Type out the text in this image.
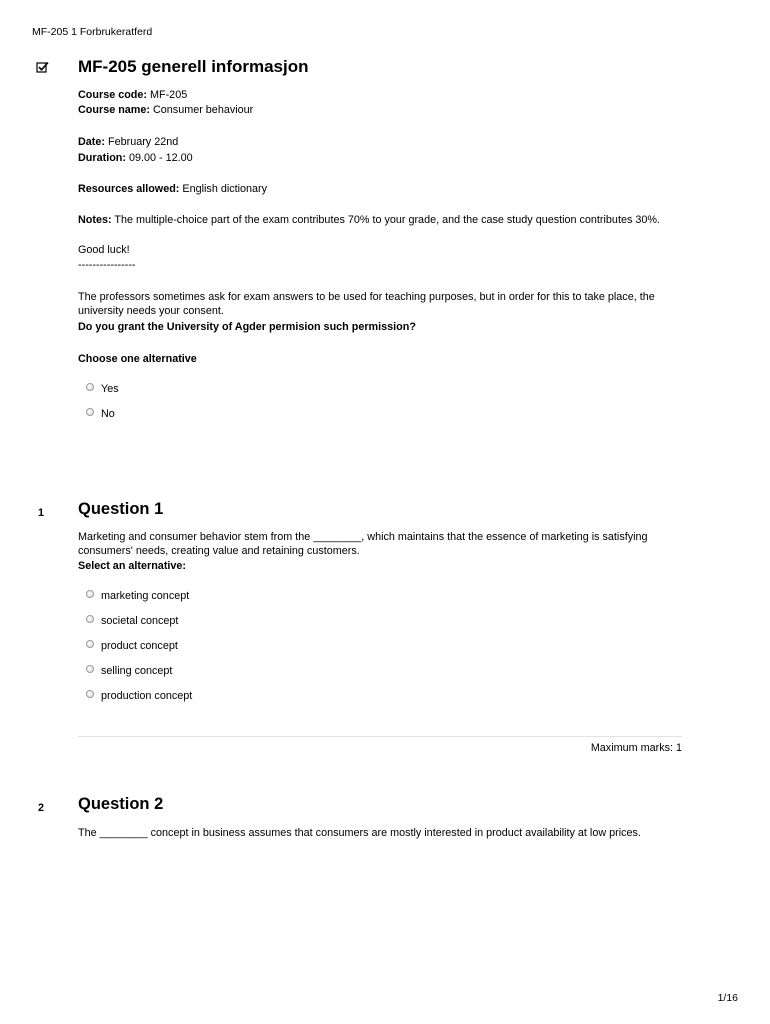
MF-205 1 Forbrukeratferd
MF-205 generell informasjon
Course code: MF-205
Course name: Consumer behaviour
Date: February 22nd
Duration: 09.00 - 12.00
Resources allowed: English dictionary
Notes: The multiple-choice part of the exam contributes 70% to your grade, and the case study question contributes 30%.
Good luck!
----------------
The professors sometimes ask for exam answers to be used for teaching purposes, but in order for this to take place, the university needs your consent.
Do you grant the University of Agder permision such permission?
Choose one alternative
Yes
No
1 Question 1
Marketing and consumer behavior stem from the ________, which maintains that the essence of marketing is satisfying consumers' needs, creating value and retaining customers.
Select an alternative:
marketing concept
societal concept
product concept
selling concept
production concept
Maximum marks: 1
2 Question 2
The ________ concept in business assumes that consumers are mostly interested in product availability at low prices.
1/16
